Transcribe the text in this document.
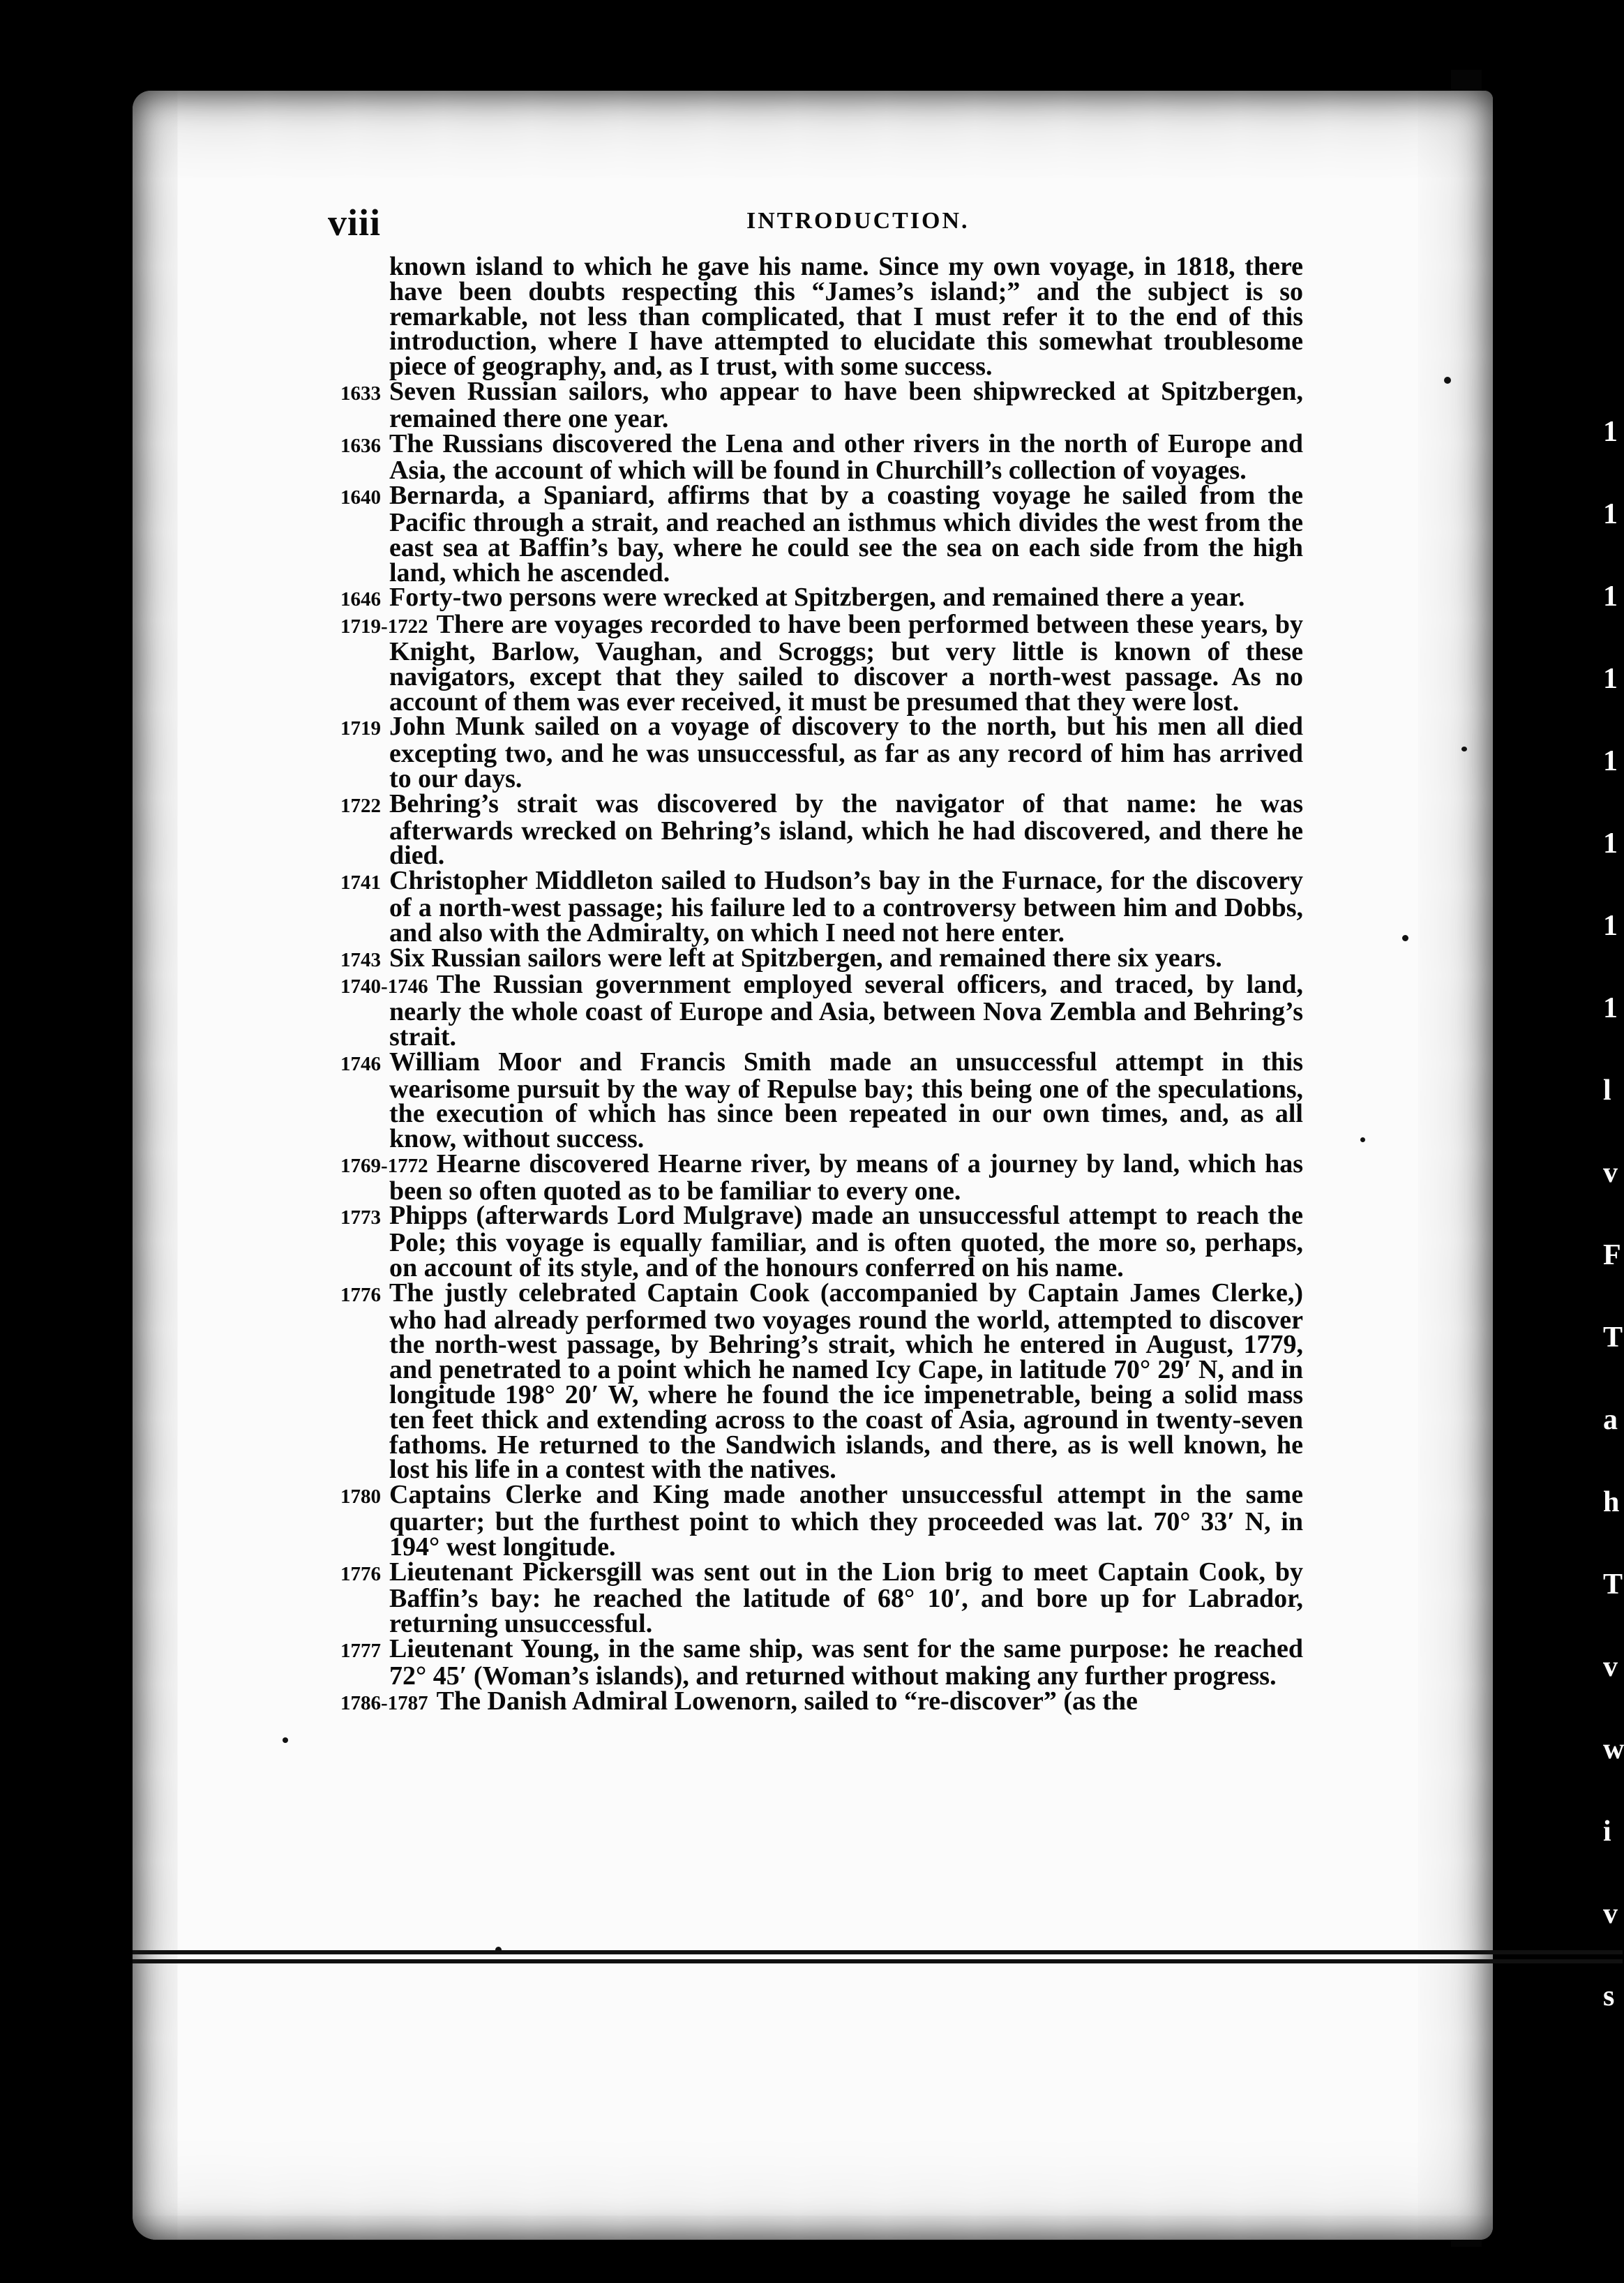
1
1
1
1
1
1
1
1
l
v
F
T
a
h
T
v
w
i
v
s
viii	INTRODUCTION.

known island to which he gave his name. Since my own voyage, in 1818, there have been doubts respecting this “James’s island;” and the subject is so remarkable, not less than complicated, that I must refer it to the end of this introduction, where I have attempted to elucidate this somewhat troublesome piece of geography, and, as I trust, with some success.

1633 Seven Russian sailors, who appear to have been shipwrecked at Spitzbergen, remained there one year.

1636 The Russians discovered the Lena and other rivers in the north of Europe and Asia, the account of which will be found in Churchill’s collection of voyages.

1640 Bernarda, a Spaniard, affirms that by a coasting voyage he sailed from the Pacific through a strait, and reached an isthmus which divides the west from the east sea at Baffin’s bay, where he could see the sea on each side from the high land, which he ascended.

1646 Forty-two persons were wrecked at Spitzbergen, and remained there a year.

1719-1722 There are voyages recorded to have been performed between these years, by Knight, Barlow, Vaughan, and Scroggs; but very little is known of these navigators, except that they sailed to discover a north-west passage. As no account of them was ever received, it must be presumed that they were lost.

1719 John Munk sailed on a voyage of discovery to the north, but his men all died excepting two, and he was unsuccessful, as far as any record of him has arrived to our days.

1722 Behring’s strait was discovered by the navigator of that name: he was afterwards wrecked on Behring’s island, which he had discovered, and there he died.

1741 Christopher Middleton sailed to Hudson’s bay in the Furnace, for the discovery of a north-west passage; his failure led to a controversy between him and Dobbs, and also with the Admiralty, on which I need not here enter.

1743 Six Russian sailors were left at Spitzbergen, and remained there six years.

1740-1746 The Russian government employed several officers, and traced, by land, nearly the whole coast of Europe and Asia, between Nova Zembla and Behring’s strait.

1746 William Moor and Francis Smith made an unsuccessful attempt in this wearisome pursuit by the way of Repulse bay; this being one of the speculations, the execution of which has since been repeated in our own times, and, as all know, without success.

1769-1772 Hearne discovered Hearne river, by means of a journey by land, which has been so often quoted as to be familiar to every one.

1773 Phipps (afterwards Lord Mulgrave) made an unsuccessful attempt to reach the Pole; this voyage is equally familiar, and is often quoted, the more so, perhaps, on account of its style, and of the honours conferred on his name.

1776 The justly celebrated Captain Cook (accompanied by Captain James Clerke,) who had already performed two voyages round the world, attempted to discover the north-west passage, by Behring’s strait, which he entered in August, 1779, and penetrated to a point which he named Icy Cape, in latitude 70° 29′ N, and in longitude 198° 20′ W, where he found the ice impenetrable, being a solid mass ten feet thick and extending across to the coast of Asia, aground in twenty-seven fathoms. He returned to the Sandwich islands, and there, as is well known, he lost his life in a contest with the natives.

1780 Captains Clerke and King made another unsuccessful attempt in the same quarter; but the furthest point to which they proceeded was lat. 70° 33′ N, in 194° west longitude.

1776 Lieutenant Pickersgill was sent out in the Lion brig to meet Captain Cook, by Baffin’s bay: he reached the latitude of 68° 10′, and bore up for Labrador, returning unsuccessful.

1777 Lieutenant Young, in the same ship, was sent for the same purpose: he reached 72° 45′ (Woman’s islands), and returned without making any further progress.

1786-1787 The Danish Admiral Lowenorn, sailed to “re-discover” (as the
